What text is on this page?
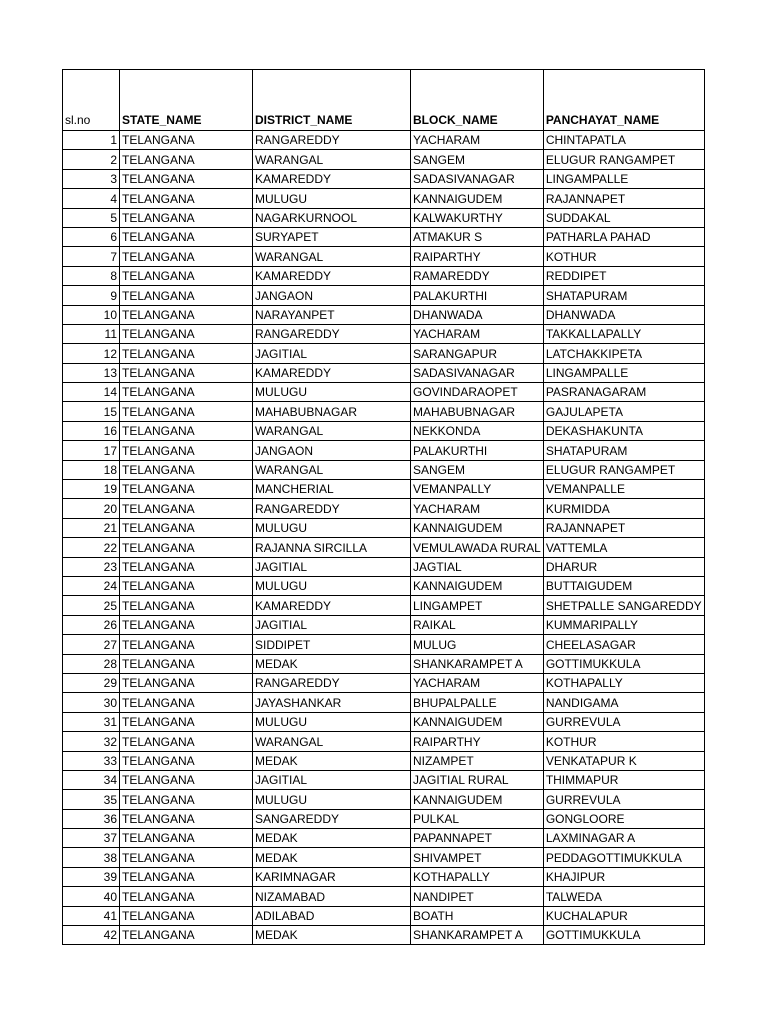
sl.no	STATE_NAME	DISTRICT_NAME	BLOCK_NAME	PANCHAYAT_NAME
1	TELANGANA	RANGAREDDY	YACHARAM	CHINTAPATLA
2	TELANGANA	WARANGAL	SANGEM	ELUGUR RANGAMPET
3	TELANGANA	KAMAREDDY	SADASIVANAGAR	LINGAMPALLE
4	TELANGANA	MULUGU	KANNAIGUDEM	RAJANNAPET
5	TELANGANA	NAGARKURNOOL	KALWAKURTHY	SUDDAKAL
6	TELANGANA	SURYAPET	ATMAKUR S	PATHARLA PAHAD
7	TELANGANA	WARANGAL	RAIPARTHY	KOTHUR
8	TELANGANA	KAMAREDDY	RAMAREDDY	REDDIPET
9	TELANGANA	JANGAON	PALAKURTHI	SHATAPURAM
10	TELANGANA	NARAYANPET	DHANWADA	DHANWADA
11	TELANGANA	RANGAREDDY	YACHARAM	TAKKALLAPALLY
12	TELANGANA	JAGITIAL	SARANGAPUR	LATCHAKKIPETA
13	TELANGANA	KAMAREDDY	SADASIVANAGAR	LINGAMPALLE
14	TELANGANA	MULUGU	GOVINDARAOPET	PASRANAGARAM
15	TELANGANA	MAHABUBNAGAR	MAHABUBNAGAR	GAJULAPETA
16	TELANGANA	WARANGAL	NEKKONDA	DEKASHAKUNTA
17	TELANGANA	JANGAON	PALAKURTHI	SHATAPURAM
18	TELANGANA	WARANGAL	SANGEM	ELUGUR RANGAMPET
19	TELANGANA	MANCHERIAL	VEMANPALLY	VEMANPALLE
20	TELANGANA	RANGAREDDY	YACHARAM	KURMIDDA
21	TELANGANA	MULUGU	KANNAIGUDEM	RAJANNAPET
22	TELANGANA	RAJANNA SIRCILLA	VEMULAWADA RURAL	VATTEMLA
23	TELANGANA	JAGITIAL	JAGTIAL	DHARUR
24	TELANGANA	MULUGU	KANNAIGUDEM	BUTTAIGUDEM
25	TELANGANA	KAMAREDDY	LINGAMPET	SHETPALLE SANGAREDDY
26	TELANGANA	JAGITIAL	RAIKAL	KUMMARIPALLY
27	TELANGANA	SIDDIPET	MULUG	CHEELASAGAR
28	TELANGANA	MEDAK	SHANKARAMPET A	GOTTIMUKKULA
29	TELANGANA	RANGAREDDY	YACHARAM	KOTHAPALLY
30	TELANGANA	JAYASHANKAR	BHUPALPALLE	NANDIGAMA
31	TELANGANA	MULUGU	KANNAIGUDEM	GURREVULA
32	TELANGANA	WARANGAL	RAIPARTHY	KOTHUR
33	TELANGANA	MEDAK	NIZAMPET	VENKATAPUR K
34	TELANGANA	JAGITIAL	JAGITIAL RURAL	THIMMAPUR
35	TELANGANA	MULUGU	KANNAIGUDEM	GURREVULA
36	TELANGANA	SANGAREDDY	PULKAL	GONGLOORE
37	TELANGANA	MEDAK	PAPANNAPET	LAXMINAGAR A
38	TELANGANA	MEDAK	SHIVAMPET	PEDDAGOTTIMUKKULA
39	TELANGANA	KARIMNAGAR	KOTHAPALLY	KHAJIPUR
40	TELANGANA	NIZAMABAD	NANDIPET	TALWEDA
41	TELANGANA	ADILABAD	BOATH	KUCHALAPUR
42	TELANGANA	MEDAK	SHANKARAMPET A	GOTTIMUKKULA
